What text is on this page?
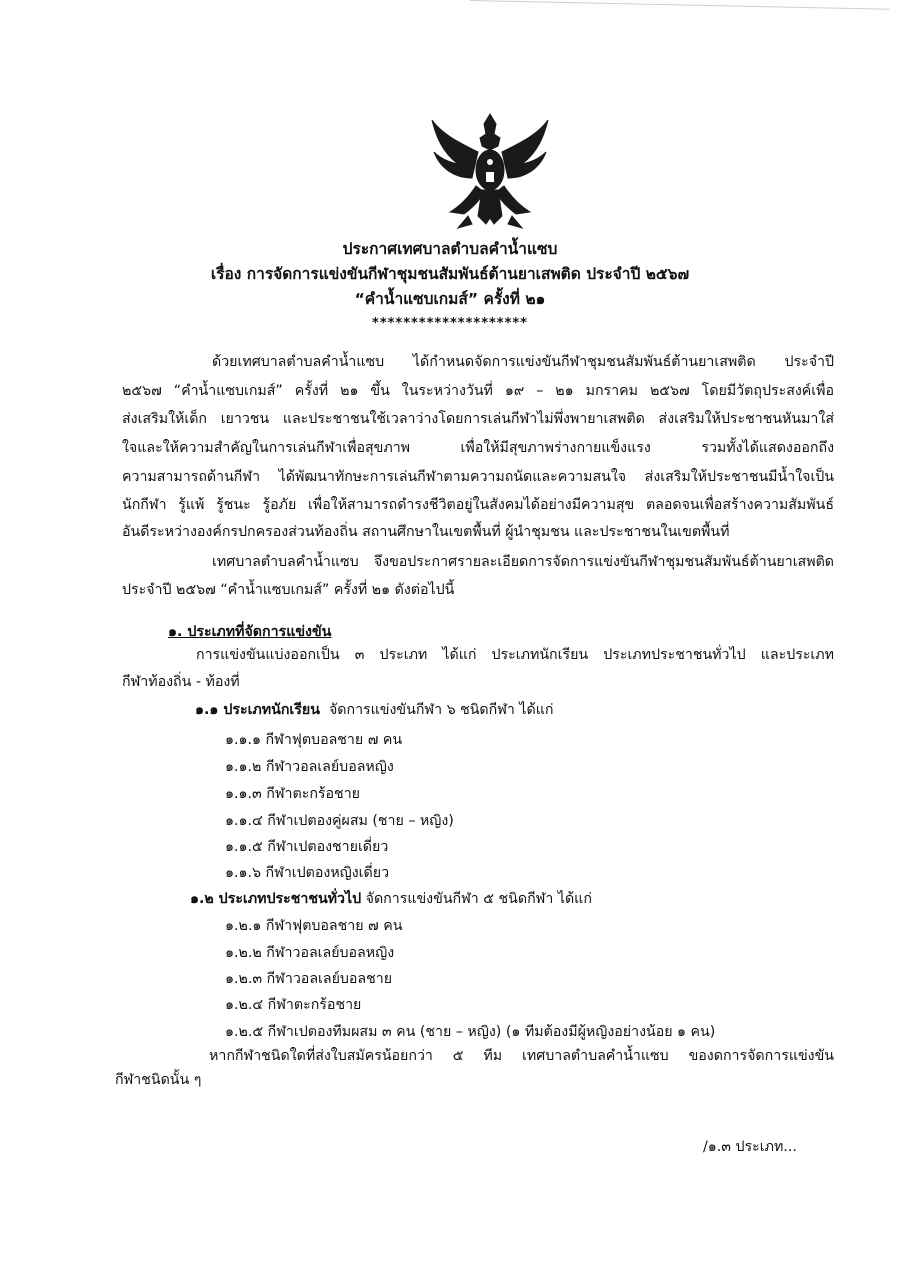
ประกาศเทศบาลตำบลคำน้ำแซบ
เรื่อง การจัดการแข่งขันกีฬาชุมชนสัมพันธ์ต้านยาเสพติด ประจำปี ๒๕๖๗
“คำน้ำแซบเกมส์” ครั้งที่ ๒๑
********************
ด้วยเทศบาลตำบลคำน้ำแซบ ได้กำหนดจัดการแข่งขันกีฬาชุมชนสัมพันธ์ต้านยาเสพติด ประจำปี
๒๕๖๗ “คำน้ำแซบเกมส์” ครั้งที่ ๒๑ ขึ้น ในระหว่างวันที่ ๑๙ – ๒๑ มกราคม ๒๕๖๗ โดยมีวัตถุประสงค์เพื่อ
ส่งเสริมให้เด็ก เยาวชน และประชาชนใช้เวลาว่างโดยการเล่นกีฬาไม่พึ่งพายาเสพติด ส่งเสริมให้ประชาชนหันมาใส่
ใจและให้ความสำคัญในการเล่นกีฬาเพื่อสุขภาพ เพื่อให้มีสุขภาพร่างกายแข็งแรง รวมทั้งได้แสดงออกถึง
ความสามารถด้านกีฬา ได้พัฒนาทักษะการเล่นกีฬาตามความถนัดและความสนใจ ส่งเสริมให้ประชาชนมีน้ำใจเป็น
นักกีฬา รู้แพ้ รู้ชนะ รู้อภัย เพื่อให้สามารถดำรงชีวิตอยู่ในสังคมได้อย่างมีความสุข ตลอดจนเพื่อสร้างความสัมพันธ์
อันดีระหว่างองค์กรปกครองส่วนท้องถิ่น สถานศึกษาในเขตพื้นที่ ผู้นำชุมชน และประชาชนในเขตพื้นที่
เทศบาลตำบลคำน้ำแซบ จึงขอประกาศรายละเอียดการจัดการแข่งขันกีฬาชุมชนสัมพันธ์ต้านยาเสพติด
ประจำปี ๒๕๖๗ “คำน้ำแซบเกมส์” ครั้งที่ ๒๑ ดังต่อไปนี้
๑. ประเภทที่จัดการแข่งขัน
การแข่งขันแบ่งออกเป็น ๓ ประเภท ได้แก่ ประเภทนักเรียน ประเภทประชาชนทั่วไป และประเภท
กีฬาท้องถิ่น - ท้องที่
๑.๑ ประเภทนักเรียน จัดการแข่งขันกีฬา ๖ ชนิดกีฬา ได้แก่
๑.๑.๑ กีฬาฟุตบอลชาย ๗ คน
๑.๑.๒ กีฬาวอลเลย์บอลหญิง
๑.๑.๓ กีฬาตะกร้อชาย
๑.๑.๔ กีฬาเปตองคู่ผสม (ชาย – หญิง)
๑.๑.๕ กีฬาเปตองชายเดี่ยว
๑.๑.๖ กีฬาเปตองหญิงเดี่ยว
๑.๒ ประเภทประชาชนทั่วไป จัดการแข่งขันกีฬา ๕ ชนิดกีฬา ได้แก่
๑.๒.๑ กีฬาฟุตบอลชาย ๗ คน
๑.๒.๒ กีฬาวอลเลย์บอลหญิง
๑.๒.๓ กีฬาวอลเลย์บอลชาย
๑.๒.๔ กีฬาตะกร้อชาย
๑.๒.๕ กีฬาเปตองทีมผสม ๓ คน (ชาย – หญิง) (๑ ทีมต้องมีผู้หญิงอย่างน้อย ๑ คน)
หากกีฬาชนิดใดที่ส่งใบสมัครน้อยกว่า ๕ ทีม เทศบาลตำบลคำน้ำแซบ ของดการจัดการแข่งขัน
กีฬาชนิดนั้น ๆ
/๑.๓ ประเภท...
